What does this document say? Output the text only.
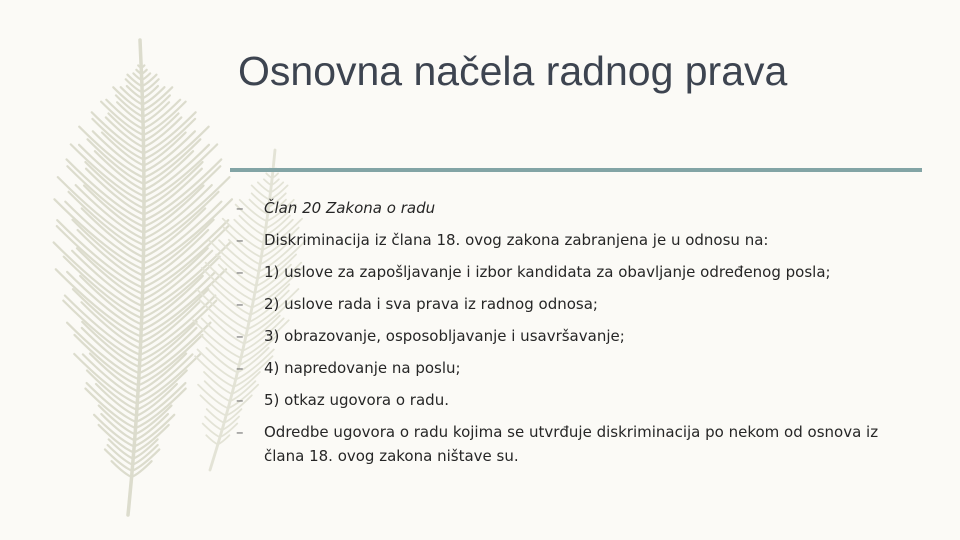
Osnovna načela radnog prava
– Član 20 Zakona o radu
– Diskriminacija iz člana 18. ovog zakona zabranjena je u odnosu na:
– 1) uslove za zapošljavanje i izbor kandidata za obavljanje određenog posla;
– 2) uslove rada i sva prava iz radnog odnosa;
– 3) obrazovanje, osposobljavanje i usavršavanje;
– 4) napredovanje na poslu;
– 5) otkaz ugovora o radu.
– Odredbe ugovora o radu kojima se utvrđuje diskriminacija po nekom od osnova iz člana 18. ovog zakona ništave su.
